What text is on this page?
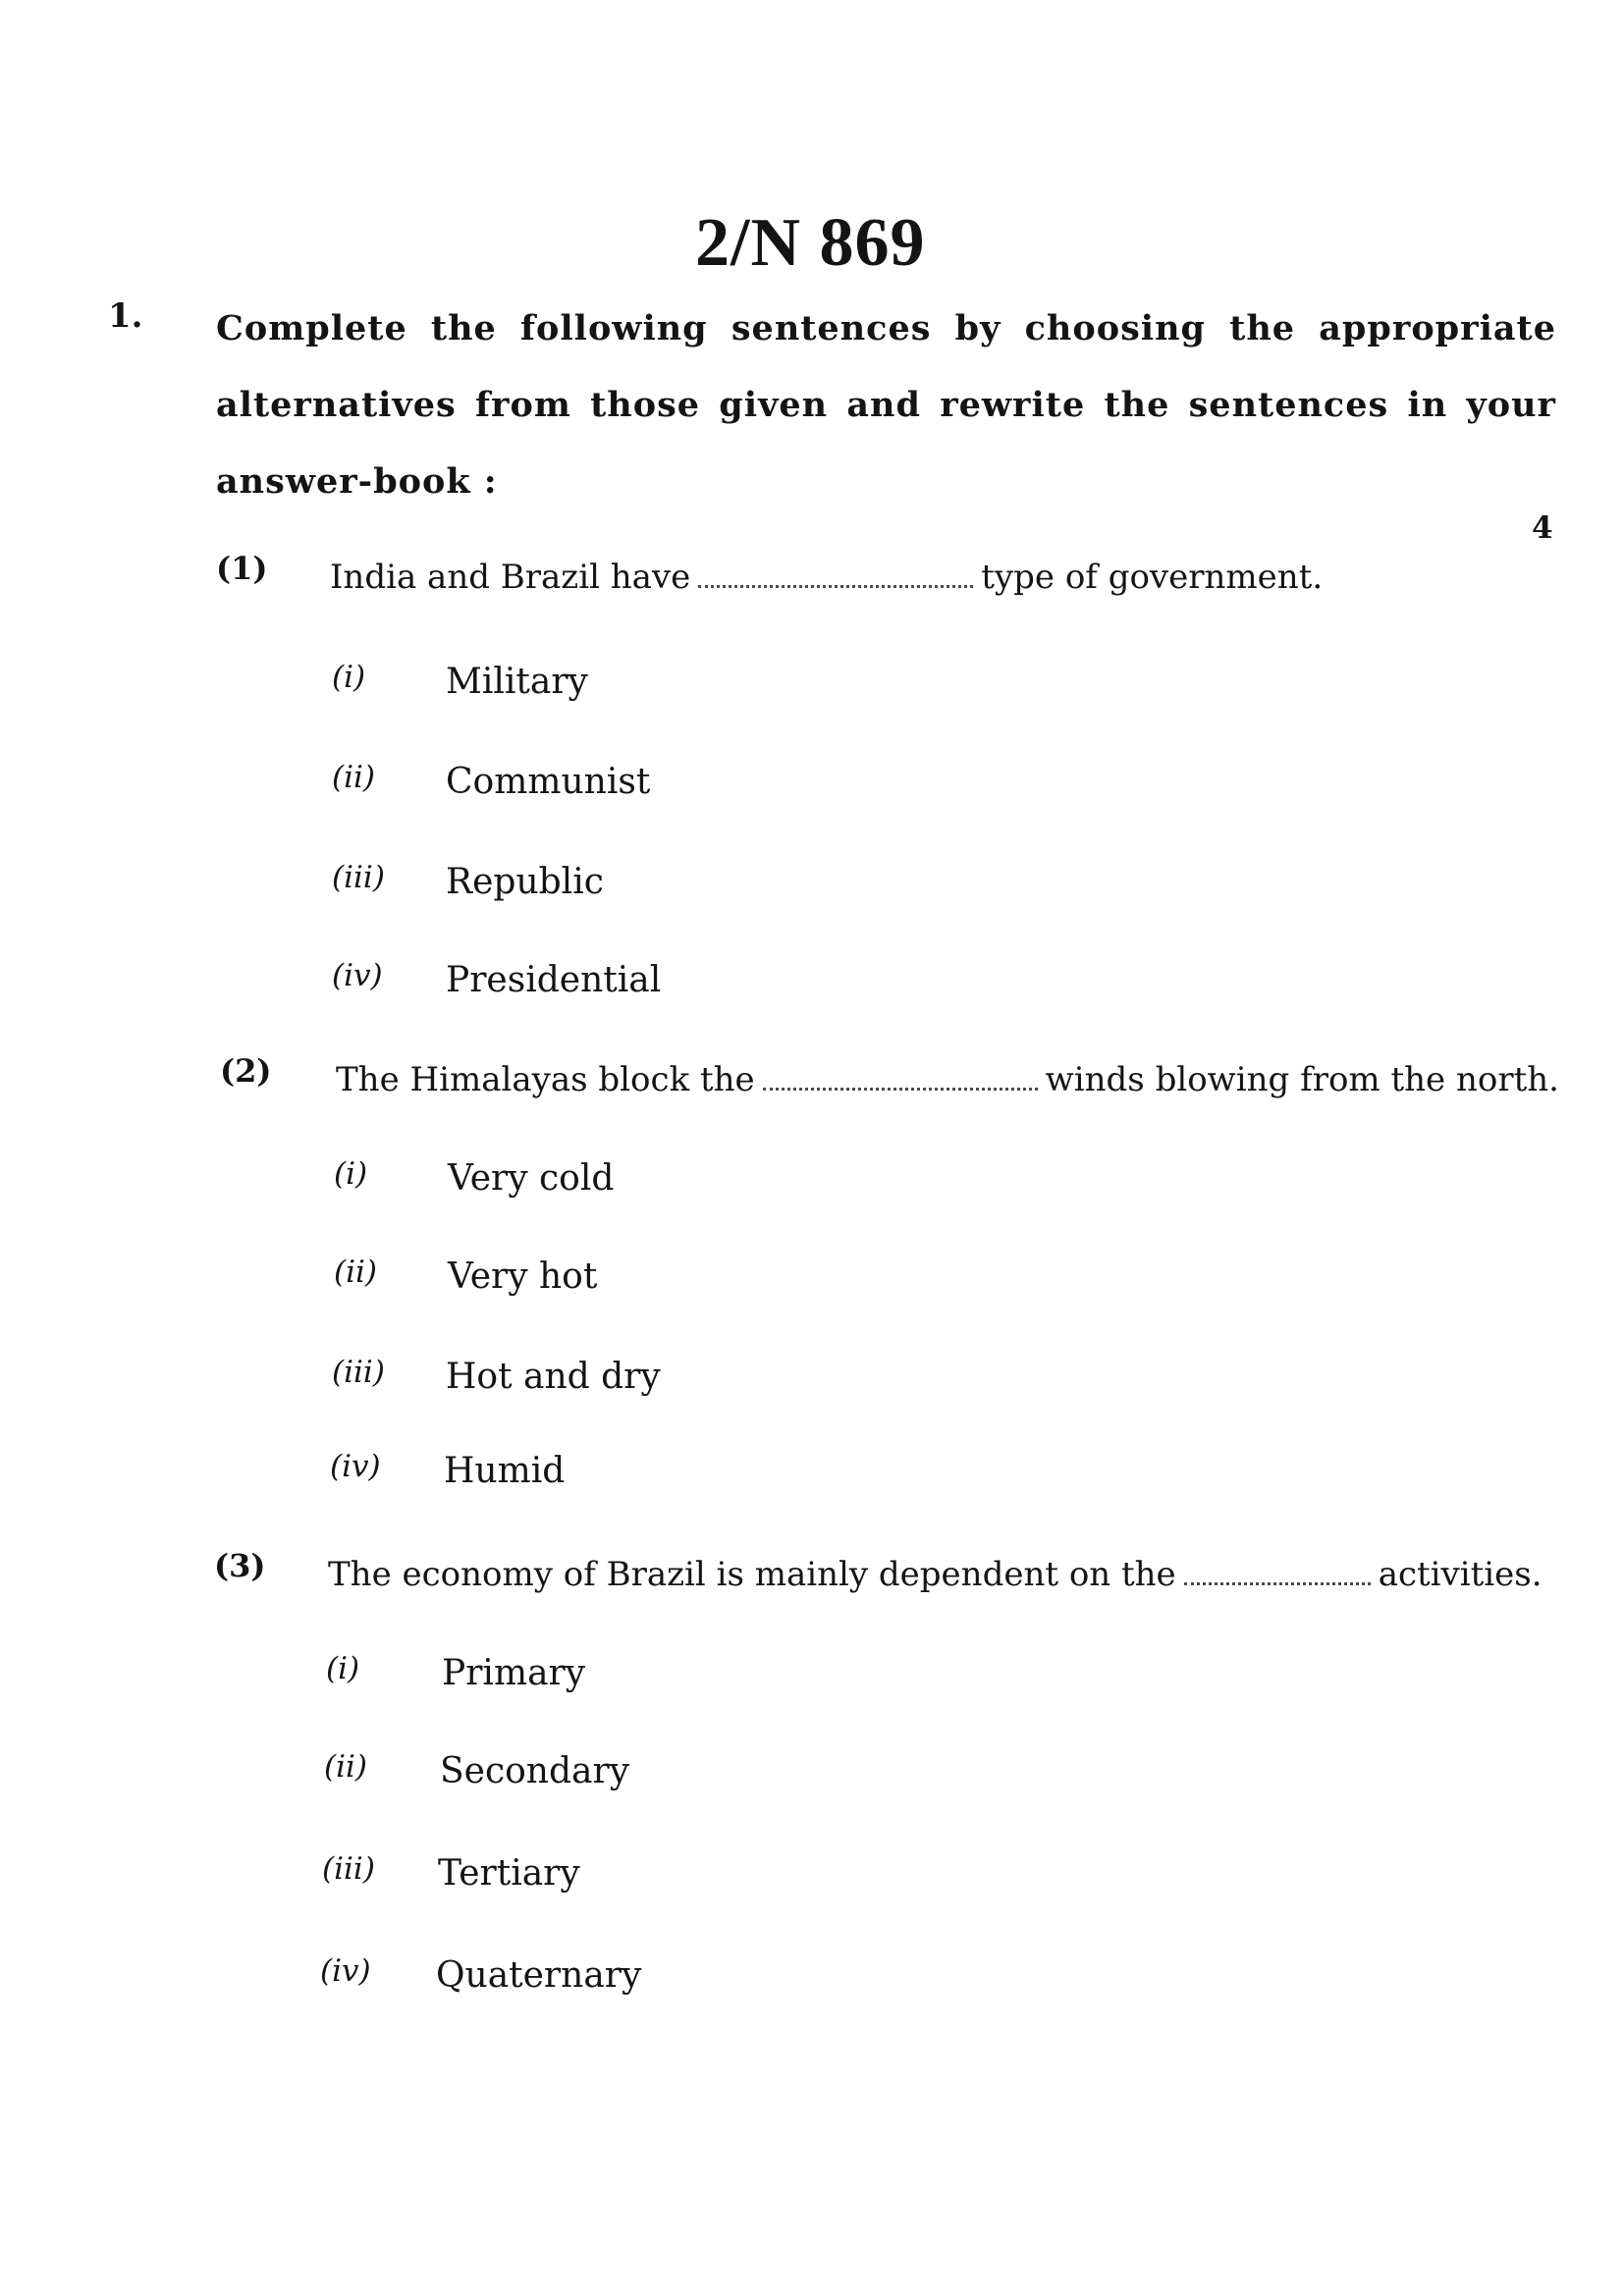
2/N 869
1. Complete the following sentences by choosing the appropriate alternatives from those given and rewrite the sentences in your answer-book :
4
(1) India and Brazil have	type of government.
(i) Military
(ii) Communist
(iii) Republic
(iv) Presidential
(2) The Himalayas block the	winds blowing from the north.
(i) Very cold
(ii) Very hot
(iii) Hot and dry
(iv) Humid
(3) The economy of Brazil is mainly dependent on the	activities.
(i) Primary
(ii) Secondary
(iii) Tertiary
(iv) Quaternary
